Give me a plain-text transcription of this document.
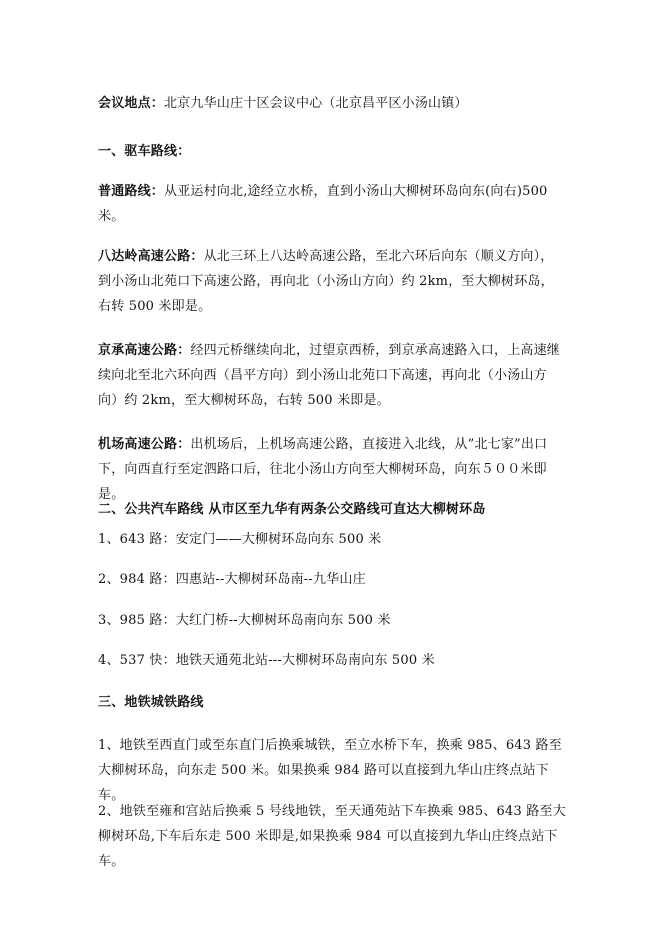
会议地点：北京九华山庄十区会议中心（北京昌平区小汤山镇）

一、驱车路线：

普通路线：从亚运村向北,途经立水桥，直到小汤山大柳树环岛向东(向右)500米。

八达岭高速公路：从北三环上八达岭高速公路，至北六环后向东（顺义方向），到小汤山北苑口下高速公路，再向北（小汤山方向）约 2km，至大柳树环岛，右转 500 米即是。

京承高速公路：经四元桥继续向北，过望京西桥，到京承高速路入口，上高速继续向北至北六环向西（昌平方向）到小汤山北苑口下高速，再向北（小汤山方向）约 2km，至大柳树环岛，右转 500 米即是。

机场高速公路：出机场后，上机场高速公路，直接进入北线，从”北七家”出口下，向西直行至定泗路口后，往北小汤山方向至大柳树环岛，向东５００米即是。

二、公共汽车路线 从市区至九华有两条公交路线可直达大柳树环岛

1、643 路：安定门——大柳树环岛向东 500 米

2、984 路：四惠站--大柳树环岛南--九华山庄

3、985 路：大红门桥--大柳树环岛南向东 500 米

4、537 快：地铁天通苑北站---大柳树环岛南向东 500 米

三、地铁城铁路线

1、地铁至西直门或至东直门后换乘城铁，至立水桥下车，换乘 985、643 路至大柳树环岛，向东走 500 米。如果换乘 984 路可以直接到九华山庄终点站下车。

2、地铁至雍和宫站后换乘 5 号线地铁，至天通苑站下车换乘 985、643 路至大柳树环岛,下车后东走 500 米即是,如果换乘 984 可以直接到九华山庄终点站下车。
